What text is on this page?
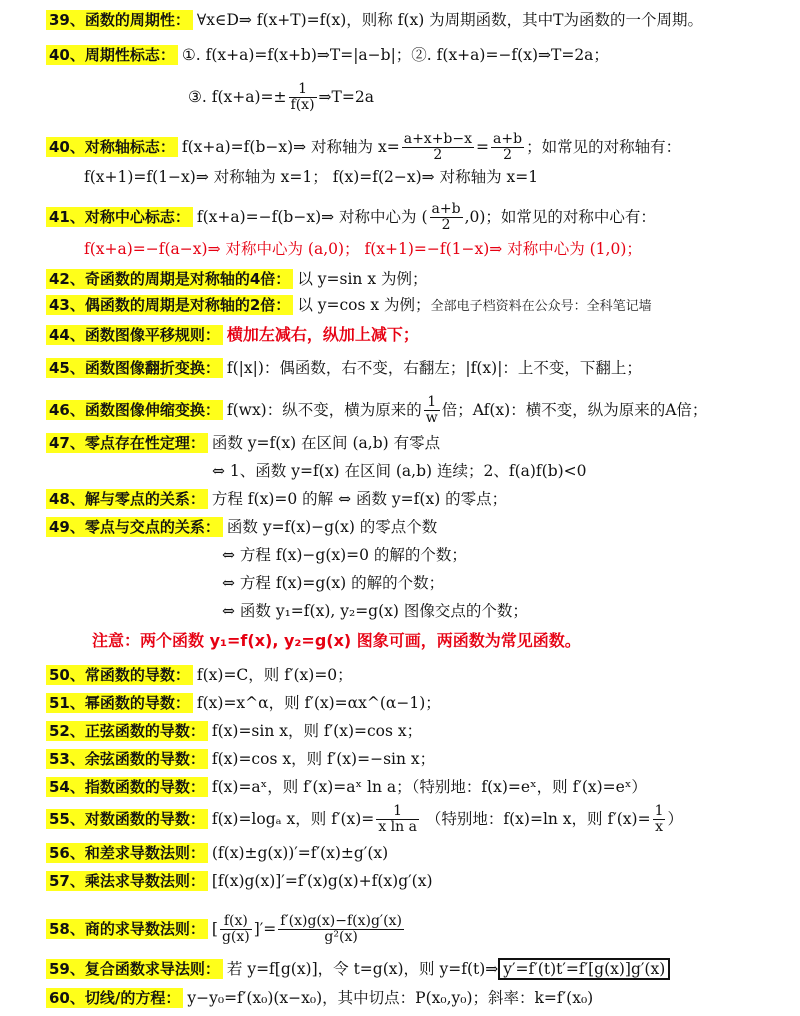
39、函数的周期性： ∀x∈D⇒ f(x+T)=f(x)，则称 f(x) 为周期函数，其中T为函数的一个周期。
40、周期性标志： ①. f(x+a)=f(x+b)⇒T=|a−b|；②. f(x+a)=−f(x)⇒T=2a；
③. $f(x+a)=\pm \frac{1}{f(x)}$ ⇒T=2a
40、对称轴标志： f(x+a)=f(b−x)⇒ 对称轴为 $x= \frac{a+x+b-x}{2} = \frac{a+b}{2}$ ；如常见的对称轴有：
f(x+1)=f(1−x)⇒ 对称轴为 x=1； f(x)=f(2−x)⇒ 对称轴为 x=1
41、对称中心标志： f(x+a)=−f(b−x)⇒ 对称中心为 ( $\frac{a+b}{2} ,0$)；如常见的对称中心有：
f(x+a)=−f(a−x)⇒ 对称中心为 (a,0)； f(x+1)=−f(1−x)⇒ 对称中心为 (1,0)；
42、奇函数的周期是对称轴的4倍： 以 y=sin x 为例；
43、偶函数的周期是对称轴的2倍： 以 y=cos x 为例；全部电子档资料在公众号：全科笔记墙
44、函数图像平移规则： 横加左减右，纵加上减下；
45、函数图像翻折变换： f(|x|)：偶函数，右不变，右翻左；|f(x)|：上不变，下翻上；
46、函数图像伸缩变换： f(wx)：纵不变，横为原来的 $\frac{1}{w}$ 倍；Af(x)：横不变，纵为原来的A倍；
47、零点存在性定理： 函数 y=f(x) 在区间 (a,b) 有零点
⇔ 1、函数 y=f(x) 在区间 (a,b) 连续；2、f(a)f(b)<0
48、解与零点的关系： 方程 f(x)=0 的解 ⇔ 函数 y=f(x) 的零点；
49、零点与交点的关系： 函数 y=f(x)−g(x) 的零点个数
⇔ 方程 f(x)−g(x)=0 的解的个数；
⇔ 方程 f(x)=g(x) 的解的个数；
⇔ 函数 y₁=f(x), y₂=g(x) 图像交点的个数；
注意：两个函数 y₁=f(x), y₂=g(x) 图象可画，两函数为常见函数。
50、常函数的导数： f(x)=C，则 f′(x)=0；
51、幂函数的导数： f(x)=x^α，则 f′(x)=αx^(α−1)；
52、正弦函数的导数： f(x)=sin x，则 f′(x)=cos x；
53、余弦函数的导数： f(x)=cos x，则 f′(x)=−sin x；
54、指数函数的导数： f(x)=aˣ，则 f′(x)=aˣ ln a；（特别地：f(x)=eˣ，则 f′(x)=eˣ）
55、对数函数的导数： f(x)=logₐ x，则 $f'(x)= \frac{1}{\text{x ln a}}$ （特别地：f(x)=ln x，则 $f'(x)= \frac{1}{x}$ ）
56、和差求导数法则： (f(x)±g(x))′=f′(x)±g′(x)
57、乘法求导数法则： [f(x)g(x)]′=f′(x)g(x)+f(x)g′(x)
58、商的求导数法则： [ $\frac{f(x)}{g(x)}$ ]′= $\frac{f'(x)g(x)-f(x)g'(x)}{\text{g²(x)}}$
59、复合函数求导法则： 若 y=f[g(x)]，令 t=g(x)，则 y=f(t)⇒ y′=f′(t)t′=f′[g(x)]g′(x)
60、切线/的方程： y−y₀=f′(x₀)(x−x₀)，其中切点：P(x₀,y₀)；斜率：k=f′(x₀)
